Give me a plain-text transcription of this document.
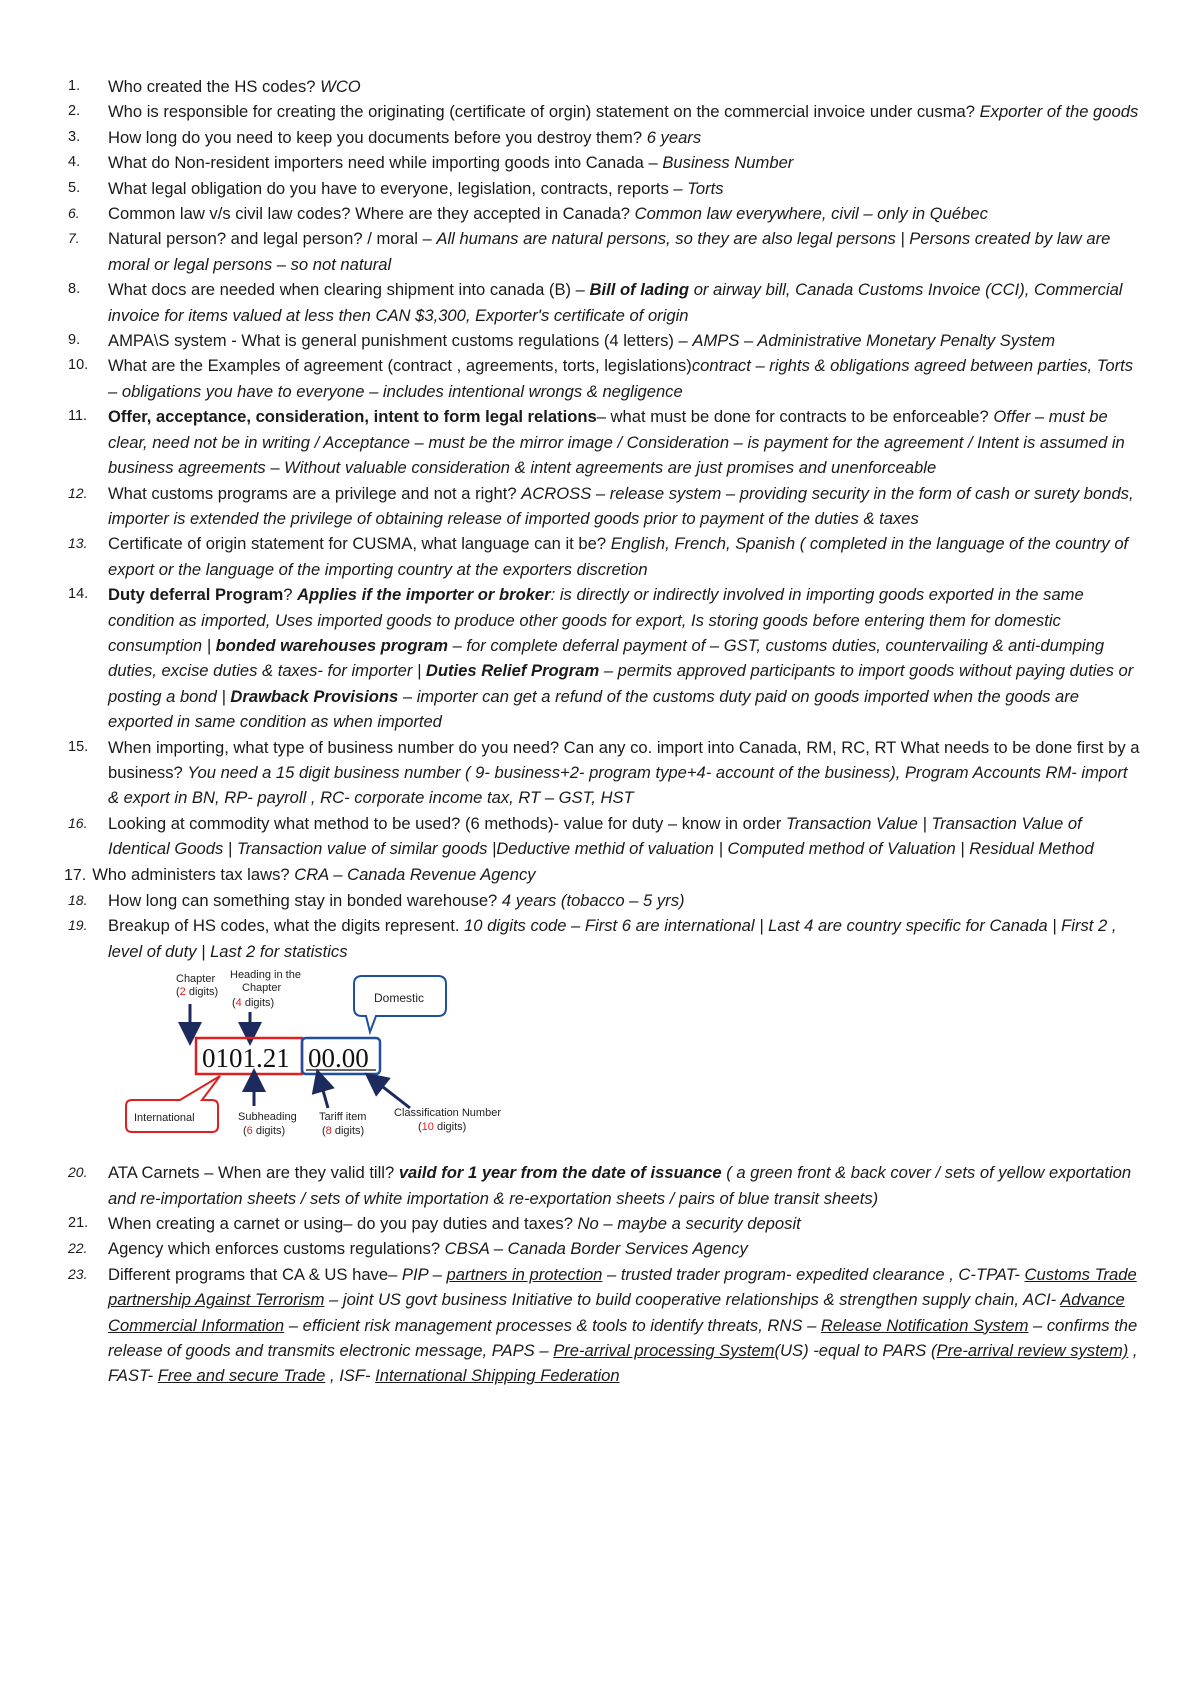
1. Who created the HS codes? WCO
2. Who is responsible for creating the originating (certificate of orgin) statement on the commercial invoice under cusma? Exporter of the goods
3. How long do you need to keep you documents before you destroy them? 6 years
4. What do Non-resident importers need while importing goods into Canada – Business Number
5. What legal obligation do you have to everyone, legislation, contracts, reports – Torts
6. Common law v/s civil law codes? Where are they accepted in Canada? Common law everywhere, civil – only in Québec
7. Natural person? and legal person? / moral – All humans are natural persons, so they are also legal persons | Persons created by law are moral or legal persons – so not natural
8. What docs are needed when clearing shipment into canada (B) – Bill of lading or airway bill, Canada Customs Invoice (CCI), Commercial invoice for items valued at less then CAN $3,300, Exporter's certificate of origin
9. AMPA\S system - What is general punishment customs regulations (4 letters) – AMPS – Administrative Monetary Penalty System
10. What are the Examples of agreement (contract , agreements, torts, legislations)contract – rights & obligations agreed between parties, Torts – obligations you have to everyone – includes intentional wrongs & negligence
11. Offer, acceptance, consideration, intent to form legal relations– what must be done for contracts to be enforceable? Offer – must be clear, need not be in writing / Acceptance – must be the mirror image / Consideration – is payment for the agreement / Intent is assumed in business agreements – Without valuable consideration & intent agreements are just promises and unenforceable
12. What customs programs are a privilege and not a right? ACROSS – release system – providing security in the form of cash or surety bonds, importer is extended the privilege of obtaining release of imported goods prior to payment of the duties & taxes
13. Certificate of origin statement for CUSMA, what language can it be? English, French, Spanish ( completed in the language of the country of export or the language of the importing country at the exporters discretion
14. Duty deferral Program? Applies if the importer or broker: is directly or indirectly involved in importing goods exported in the same condition as imported, Uses imported goods to produce other goods for export, Is storing goods before entering them for domestic consumption | bonded warehouses program – for complete deferral payment of – GST, customs duties, countervailing & anti-dumping duties, excise duties & taxes- for importer | Duties Relief Program – permits approved participants to import goods without paying duties or posting a bond | Drawback Provisions – importer can get a refund of the customs duty paid on goods imported when the goods are exported in same condition as when imported
15. When importing, what type of business number do you need? Can any co. import into Canada, RM, RC, RT What needs to be done first by a business? You need a 15 digit business number ( 9- business+2- program type+4- account of the business), Program Accounts RM- import & export in BN, RP- payroll , RC- corporate income tax, RT – GST, HST
16. Looking at commodity what method to be used? (6 methods)- value for duty – know in order Transaction Value | Transaction Value of Identical Goods | Transaction value of similar goods |Deductive methid of valuation | Computed method of Valuation | Residual Method
17. Who administers tax laws? CRA – Canada Revenue Agency
18. How long can something stay in bonded warehouse? 4 years (tobacco – 5 yrs)
19. Breakup of HS codes, what the digits represent. 10 digits code – First 6 are international | Last 4 are country specific for Canada | First 2 , level of duty | Last 2 for statistics
Chapter
(2 digits)
Heading in the
Chapter
(4 digits)	Domestic
0101.21 00.00
International	Subheading
(6 digits)
Tariff item
(8 digits)
Classification Number
(10 digits)
20. ATA Carnets – When are they valid till? vaild for 1 year from the date of issuance ( a green front & back cover / sets of yellow exportation and re-importation sheets / sets of white importation & re-exportation sheets / pairs of blue transit sheets)
21. When creating a carnet or using– do you pay duties and taxes? No – maybe a security deposit
22. Agency which enforces customs regulations? CBSA – Canada Border Services Agency
23. Different programs that CA & US have– PIP – partners in protection – trusted trader program- expedited clearance , C-TPAT- Customs Trade partnership Against Terrorism – joint US govt business Initiative to build cooperative relationships & strengthen supply chain, ACI- Advance Commercial Information – efficient risk management processes & tools to identify threats, RNS – Release Notification System – confirms the release of goods and transmits electronic message, PAPS – Pre-arrival processing System(US) -equal to PARS (Pre-arrival review system) , FAST- Free and secure Trade , ISF- International Shipping Federation
